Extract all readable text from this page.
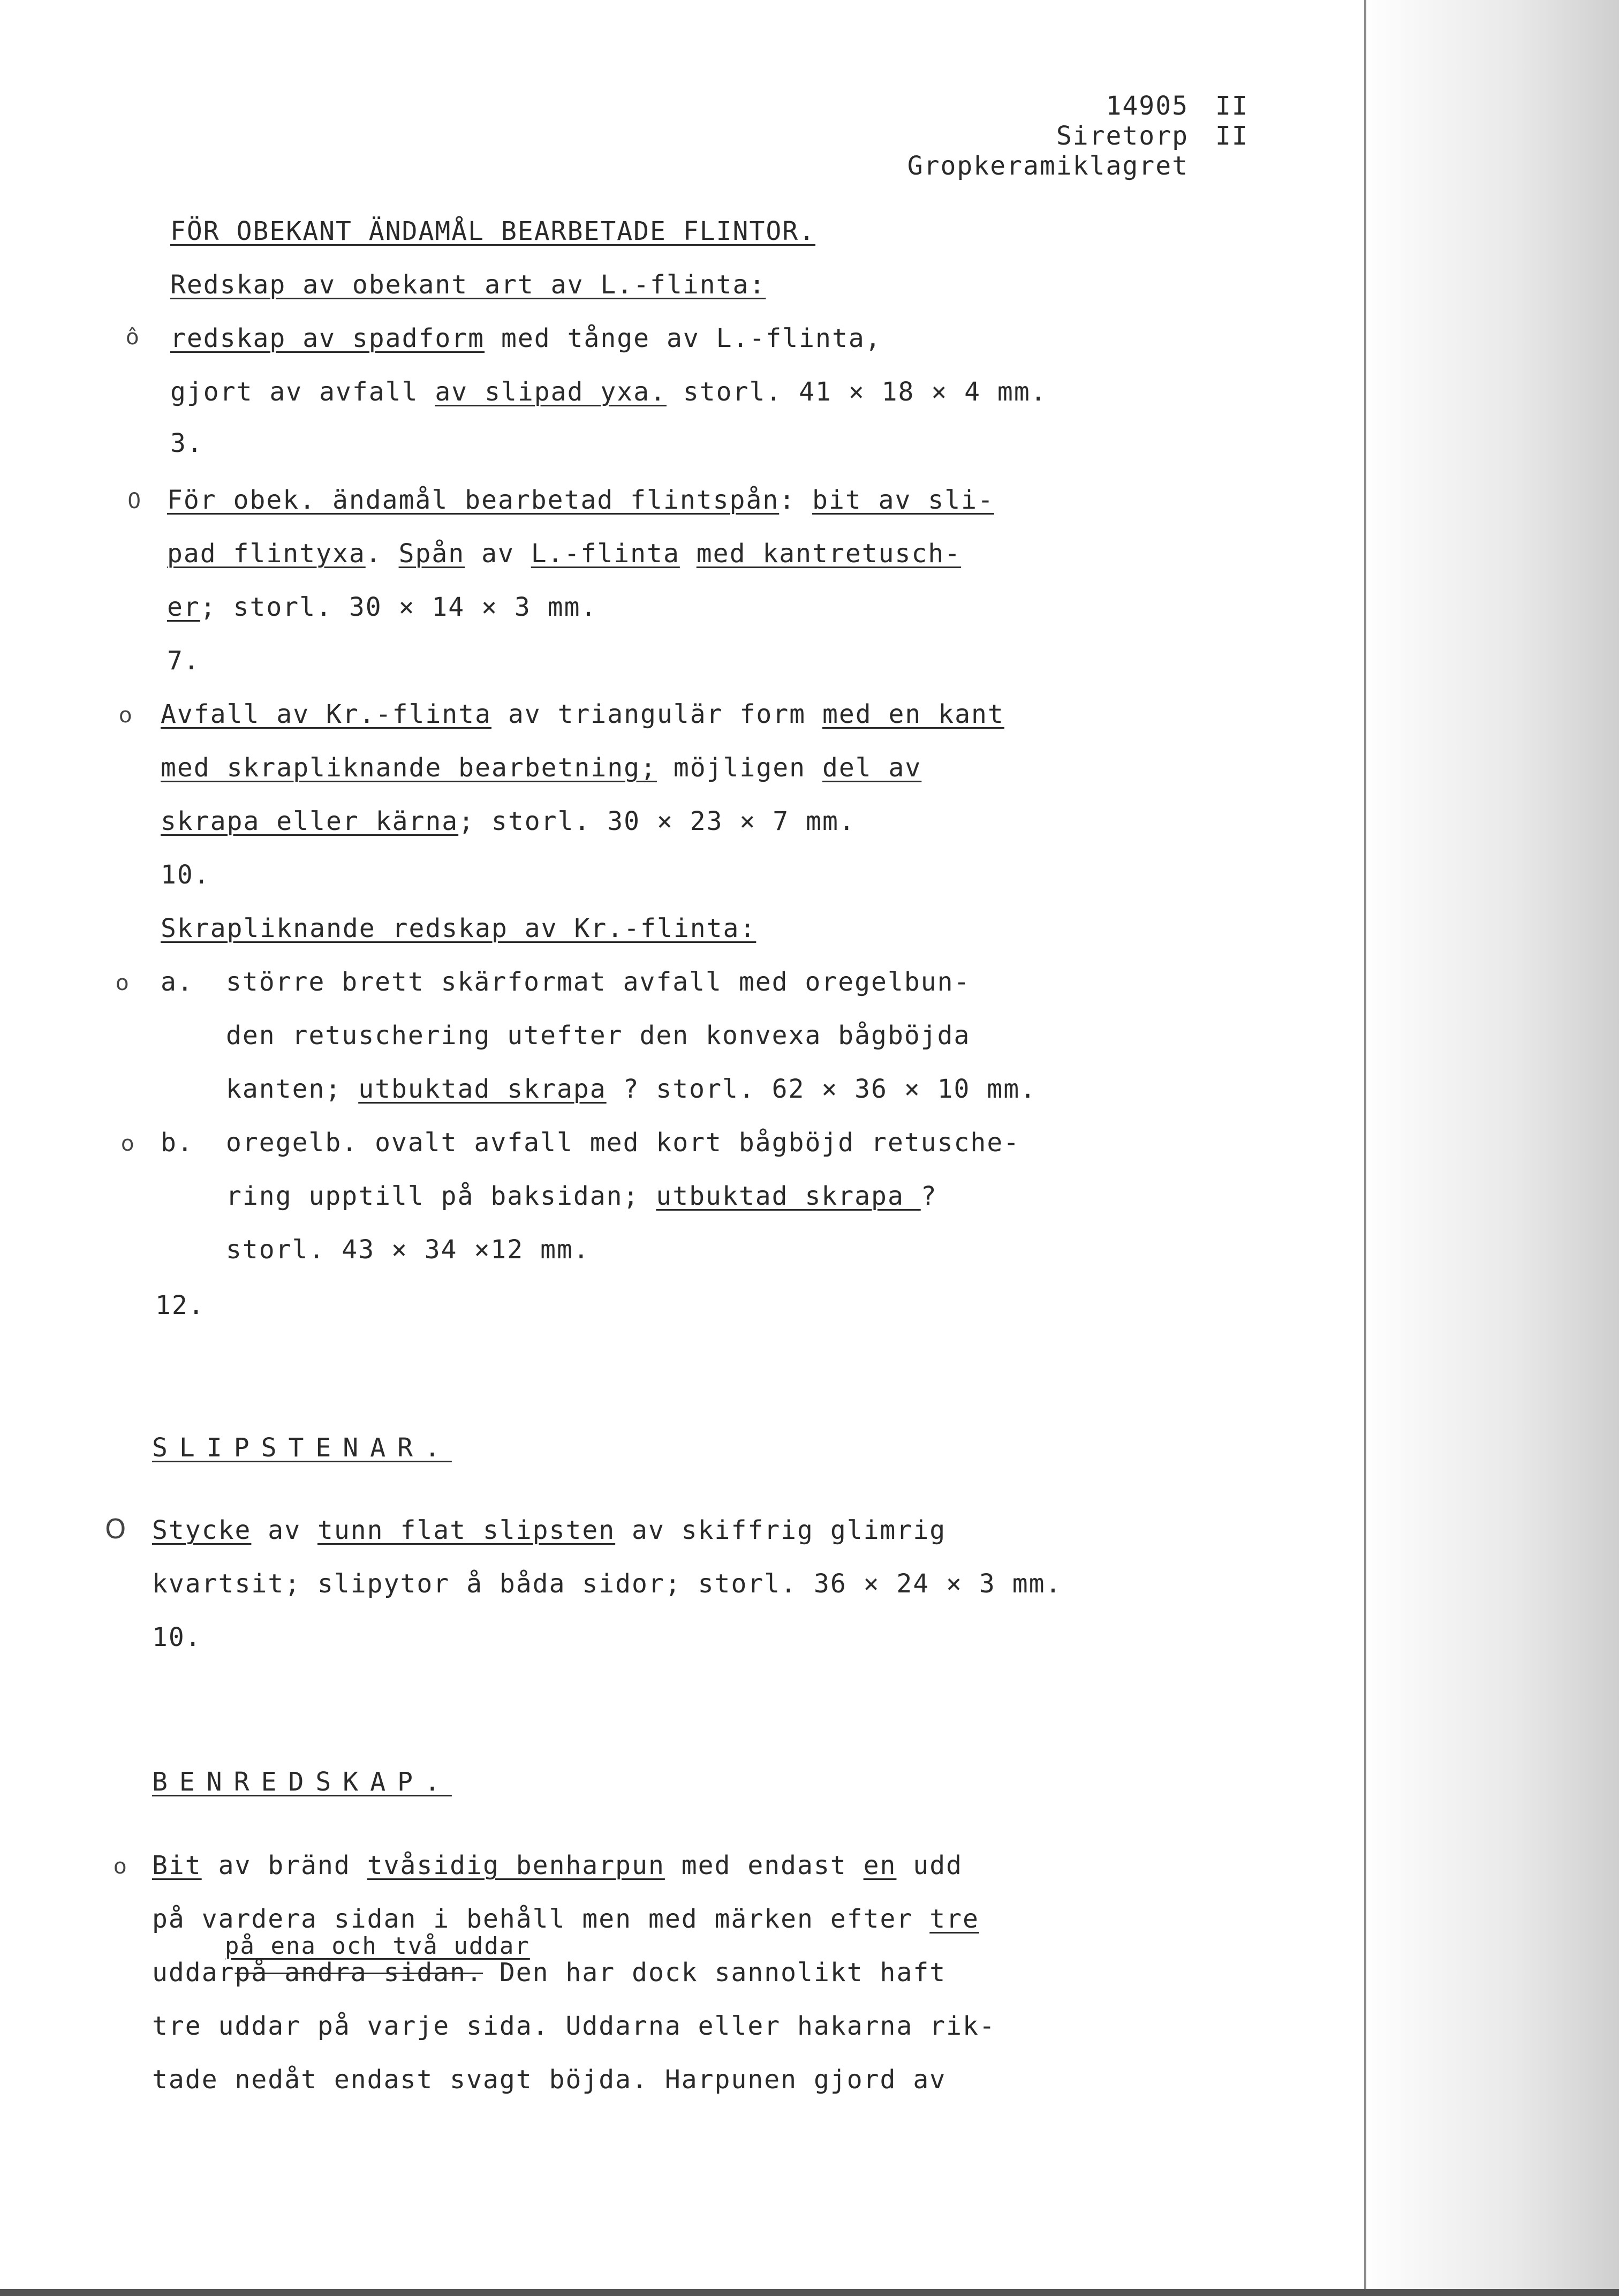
14905
Siretorp
Gropkeramiklagret
II
II
FÖR OBEKANT ÄNDAMÅL BEARBETADE FLINTOR.
Redskap av obekant art av L.-flinta:
ô redskap av spadform med tånge av L.-flinta,
gjort av avfall av slipad yxa. storl. 41 × 18 × 4 mm.
3.
0 För obek. ändamål bearbetad flintspån: bit av sli-
pad flintyxa. Spån av L.-flinta med kantretusch-
er; storl. 30 × 14 × 3 mm.
7.
o Avfall av Kr.-flinta av triangulär form med en kant
med skrapliknande bearbetning; möjligen del av
skrapa eller kärna; storl. 30 × 23 × 7 mm.
10.
Skrapliknande redskap av Kr.-flinta:
o a. större brett skärformat avfall med oregelbun-
den retuschering utefter den konvexa bågböjda
kanten; utbuktad skrapa ? storl. 62 × 36 × 10 mm.
o b. oregelb. ovalt avfall med kort bågböjd retusche-
ring upptill på baksidan; utbuktad skrapa ?
storl. 43 × 34 ×12 mm.
12.
SLIPSTENAR.
O Stycke av tunn flat slipsten av skiffrig glimrig
kvartsit; slipytor å båda sidor; storl. 36 × 24 × 3 mm.
10.
BENREDSKAP.
o Bit av bränd tvåsidig benharpun med endast en udd
på vardera sidan i behåll men med märken efter tre
på ena och två uddar
uddarpå andra sidan. Den har dock sannolikt haft
tre uddar på varje sida. Uddarna eller hakarna rik-
tade nedåt endast svagt böjda. Harpunen gjord av
